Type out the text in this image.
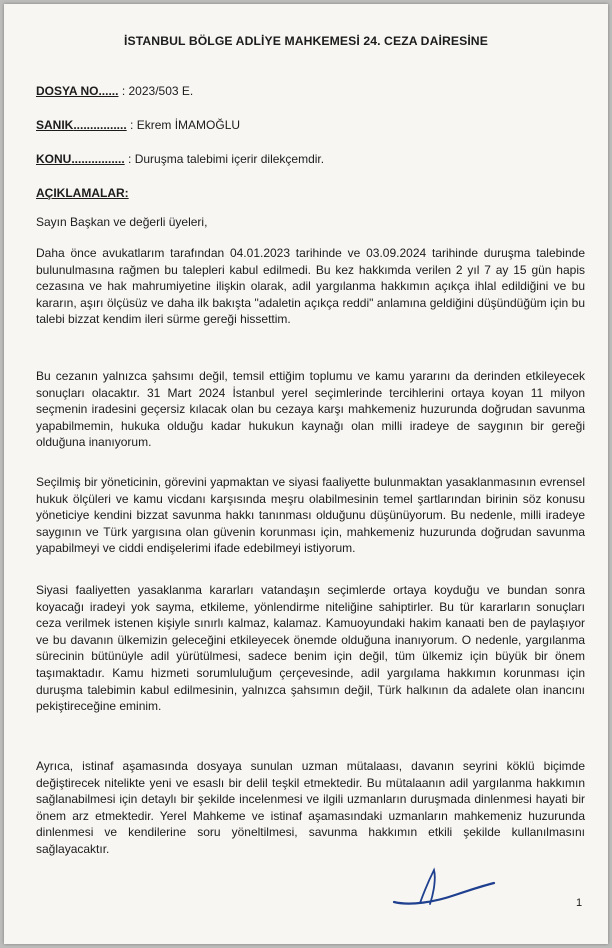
İSTANBUL BÖLGE ADLİYE MAHKEMESİ 24. CEZA DAİRESİNE
DOSYA NO...... : 2023/503 E.
SANIK................ : Ekrem İMAMOĞLU
KONU................ : Duruşma talebimi içerir dilekçemdir.
AÇIKLAMALAR:

Sayın Başkan ve değerli üyeleri,

Daha önce avukatlarım tarafından 04.01.2023 tarihinde ve 03.09.2024 tarihinde duruşma talebinde bulunulmasına rağmen bu talepleri kabul edilmedi. Bu kez hakkımda verilen 2 yıl 7 ay 15 gün hapis cezasına ve hak mahrumiyetine ilişkin olarak, adil yargılanma hakkımın açıkça ihlal edildiğini ve bu kararın, aşırı ölçüsüz ve daha ilk bakışta "adaletin açıkça reddi" anlamına geldiğini düşündüğüm için bu talebi bizzat kendim ileri sürme gereği hissettim.

Bu cezanın yalnızca şahsımı değil, temsil ettiğim toplumu ve kamu yararını da derinden etkileyecek sonuçları olacaktır. 31 Mart 2024 İstanbul yerel seçimlerinde tercihlerini ortaya koyan 11 milyon seçmenin iradesini geçersiz kılacak olan bu cezaya karşı mahkemeniz huzurunda doğrudan savunma yapabilmemin, hukuka olduğu kadar hukukun kaynağı olan milli iradeye de saygının bir gereği olduğuna inanıyorum.

Seçilmiş bir yöneticinin, görevini yapmaktan ve siyasi faaliyette bulunmaktan yasaklanmasının evrensel hukuk ölçüleri ve kamu vicdanı karşısında meşru olabilmesinin temel şartlarından birinin söz konusu yöneticiye kendini bizzat savunma hakkı tanınması olduğunu düşünüyorum. Bu nedenle, milli iradeye saygının ve Türk yargısına olan güvenin korunması için, mahkemeniz huzurunda doğrudan savunma yapabilmeyi ve ciddi endişelerimi ifade edebilmeyi istiyorum.

Siyasi faaliyetten yasaklanma kararları vatandaşın seçimlerde ortaya koyduğu ve bundan sonra koyacağı iradeyi yok sayma, etkileme, yönlendirme niteliğine sahiptirler. Bu tür kararların sonuçları ceza verilmek istenen kişiyle sınırlı kalmaz, kalamaz. Kamuoyundaki hakim kanaati ben de paylaşıyor ve bu davanın ülkemizin geleceğini etkileyecek önemde olduğuna inanıyorum. O nedenle, yargılanma sürecinin bütünüyle adil yürütülmesi, sadece benim için değil, tüm ülkemiz için büyük bir önem taşımaktadır. Kamu hizmeti sorumluluğum çerçevesinde, adil yargılama hakkımın korunması için duruşma talebimin kabul edilmesinin, yalnızca şahsımın değil, Türk halkının da adalete olan inancını pekiştireceğine eminim.

Ayrıca, istinaf aşamasında dosyaya sunulan uzman mütalaası, davanın seyrini köklü biçimde değiştirecek nitelikte yeni ve esaslı bir delil teşkil etmektedir. Bu mütalaanın adil yargılanma hakkımın sağlanabilmesi için detaylı bir şekilde incelenmesi ve ilgili uzmanların duruşmada dinlenmesi hayati bir önem arz etmektedir. Yerel Mahkeme ve istinaf aşamasındaki uzmanların mahkemeniz huzurunda dinlenmesi ve kendilerine soru yöneltilmesi, savunma hakkımın etkili şekilde kullanılmasını sağlayacaktır.

1
